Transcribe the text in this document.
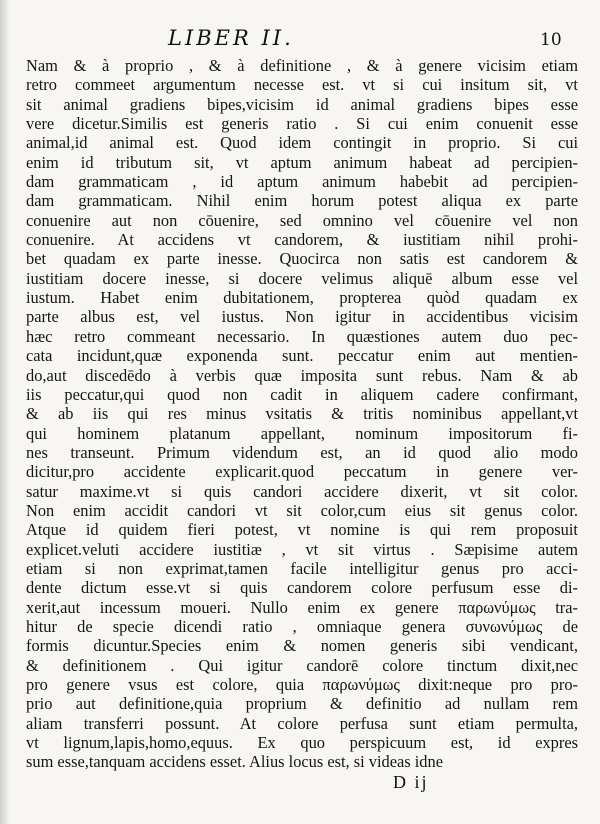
LIBER II.	10
Nam & à proprio , & à definitione , & à genere vicisim etiam
retro commeet argumentum necesse est. vt si cui insitum sit, vt
sit animal gradiens bipes,vicisim id animal gradiens bipes esse
vere dicetur.Similis est generis ratio . Si cui enim conuenit esse
animal,id animal est. Quod idem contingit in proprio. Si cui
enim id tributum sit, vt aptum animum habeat ad percipien-
dam grammaticam , id aptum animum habebit ad percipien-
dam grammaticam. Nihil enim horum potest aliqua ex parte
conuenire aut non cōuenire, sed omnino vel cōuenire vel non
conuenire. At accidens vt candorem, & iustitiam nihil prohi-
bet quadam ex parte inesse. Quocirca non satis est candorem &
iustitiam docere inesse, si docere velimus aliquē album esse vel
iustum. Habet enim dubitationem, propterea quòd quadam ex
parte albus est, vel iustus. Non igitur in accidentibus vicisim
hæc retro commeant necessario. In quæstiones autem duo pec-
cata incidunt,quæ exponenda sunt. peccatur enim aut mentien-
do,aut discedēdo à verbis quæ imposita sunt rebus. Nam & ab
iis peccatur,qui quod non cadit in aliquem cadere confirmant,
& ab iis qui res minus vsitatis & tritis nominibus appellant,vt
qui hominem platanum appellant, nominum impositorum fi-
nes transeunt. Primum videndum est, an id quod alio modo
dicitur,pro accidente explicarit.quod peccatum in genere ver-
satur maxime.vt si quis candori accidere dixerit, vt sit color.
Non enim accidit candori vt sit color,cum eius sit genus color.
Atque id quidem fieri potest, vt nomine is qui rem proposuit
explicet.veluti accidere iustitiæ , vt sit virtus . Sæpisime autem
etiam si non exprimat,tamen facile intelligitur genus pro acci-
dente dictum esse.vt si quis candorem colore perfusum esse di-
xerit,aut incessum moueri. Nullo enim ex genere παρωνύμως tra-
hitur de specie dicendi ratio , omniaque genera συνωνύμως de
formis dicuntur.Species enim & nomen generis sibi vendicant,
& definitionem . Qui igitur candorē colore tinctum dixit,nec
pro genere vsus est colore, quia παρωνύμως dixit:neque pro pro-
prio aut definitione,quia proprium & definitio ad nullam rem
aliam transferri possunt. At colore perfusa sunt etiam permulta,
vt lignum,lapis,homo,equus. Ex quo perspicuum est, id expres
sum esse,tanquam accidens esset. Alius locus est, si videas idne
D ij
